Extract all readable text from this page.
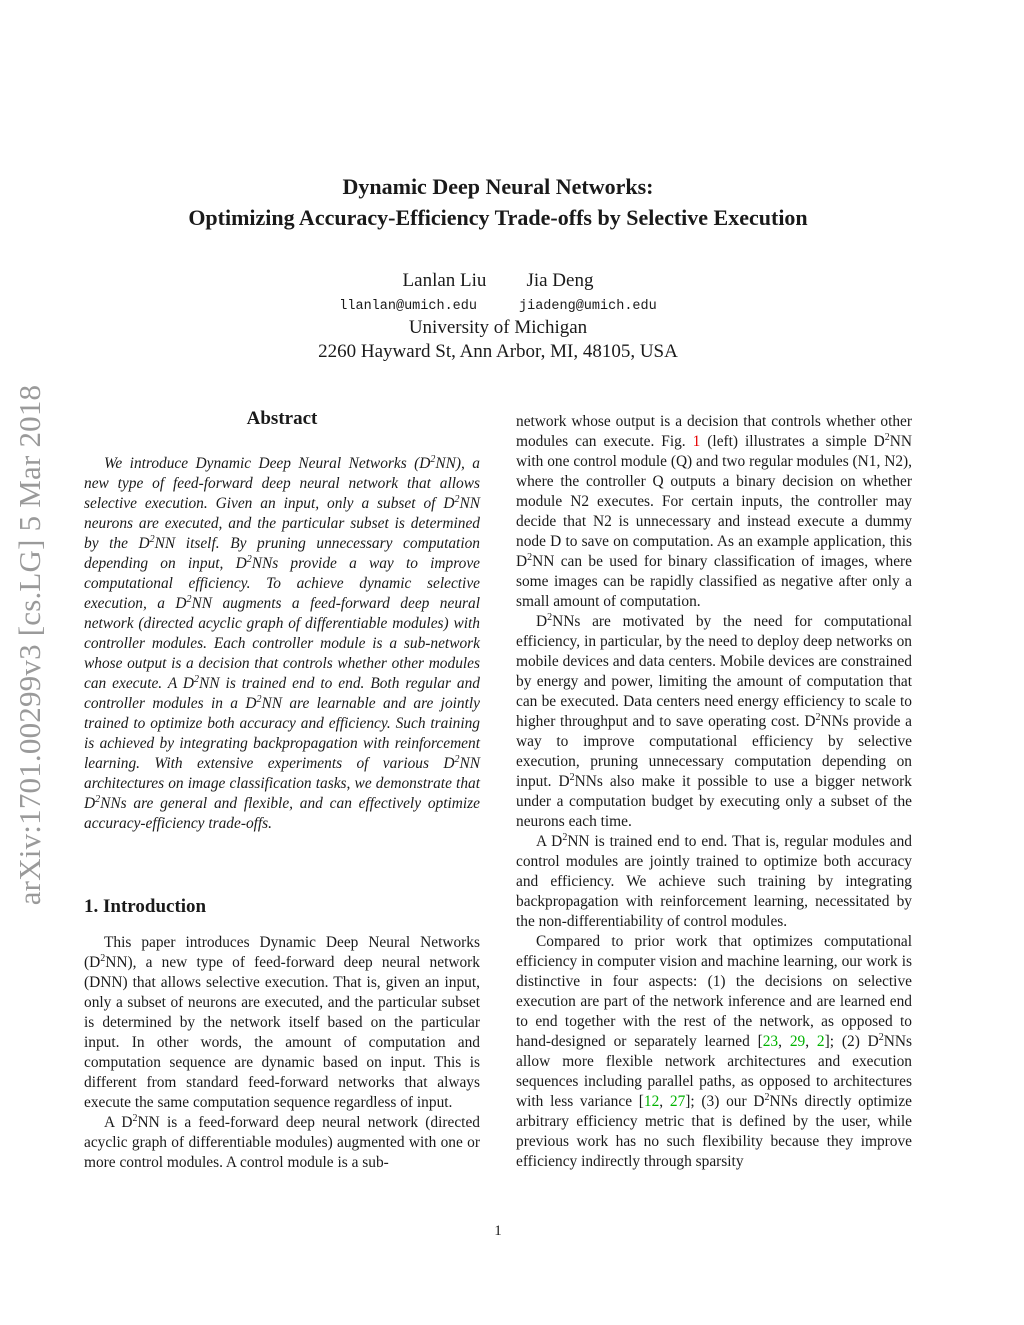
arXiv:1701.00299v3 [cs.LG] 5 Mar 2018
Dynamic Deep Neural Networks:
Optimizing Accuracy-Efficiency Trade-offs by Selective Execution
Lanlan Liu Jia Deng
llanlan@umich.edu	jiadeng@umich.edu
University of Michigan
2260 Hayward St, Ann Arbor, MI, 48105, USA
Abstract

We introduce Dynamic Deep Neural Networks $(D^2NN)$, a new type of feed-forward deep neural network that allows selective execution. Given an input, only a subset of $D^2NN$ neurons are executed, and the particular subset is determined by the $D^2NN$ itself. By pruning unnecessary computation depending on input, $D^2NNs$ provide a way to improve computational efficiency. To achieve dynamic selective execution, a $D^2NN$ augments a feed-forward deep neural network (directed acyclic graph of differentiable modules) with controller modules. Each controller module is a sub-network whose output is a decision that controls whether other modules can execute. A $D^2NN$ is trained end to end. Both regular and controller modules in a $D^2NN$ are learnable and are jointly trained to optimize both accuracy and efficiency. Such training is achieved by integrating backpropagation with reinforcement learning. With extensive experiments of various $D^2NN$ architectures on image classification tasks, we demonstrate that $D^2NNs$ are general and flexible, and can effectively optimize accuracy-efficiency trade-offs.

1. Introduction

This paper introduces Dynamic Deep Neural Networks $(D^2NN)$, a new type of feed-forward deep neural network (DNN) that allows selective execution. That is, given an input, only a subset of neurons are executed, and the particular subset is determined by the network itself based on the particular input. In other words, the amount of computation and computation sequence are dynamic based on input. This is different from standard feed-forward networks that always execute the same computation sequence regardless of input.

A $D^2NN$ is a feed-forward deep neural network (directed acyclic graph of differentiable modules) augmented with one or more control modules. A control module is a sub-

network whose output is a decision that controls whether other modules can execute. Fig. 1 (left) illustrates a simple $D^2NN$ with one control module (Q) and two regular modules (N1, N2), where the controller Q outputs a binary decision on whether module N2 executes. For certain inputs, the controller may decide that N2 is unnecessary and instead execute a dummy node D to save on computation. As an example application, this $D^2NN$ can be used for binary classification of images, where some images can be rapidly classified as negative after only a small amount of computation.

$D^2NNs$ are motivated by the need for computational efficiency, in particular, by the need to deploy deep networks on mobile devices and data centers. Mobile devices are constrained by energy and power, limiting the amount of computation that can be executed. Data centers need energy efficiency to scale to higher throughput and to save operating cost. $D^2NNs$ provide a way to improve computational efficiency by selective execution, pruning unnecessary computation depending on input. $D^2NNs$ also make it possible to use a bigger network under a computation budget by executing only a subset of the neurons each time.

A $D^2NN$ is trained end to end. That is, regular modules and control modules are jointly trained to optimize both accuracy and efficiency. We achieve such training by integrating backpropagation with reinforcement learning, necessitated by the non-differentiability of control modules.

Compared to prior work that optimizes computational efficiency in computer vision and machine learning, our work is distinctive in four aspects: (1) the decisions on selective execution are part of the network inference and are learned end to end together with the rest of the network, as opposed to hand-designed or separately learned [23, 29, 2]; (2) $D^2NNs$ allow more flexible network architectures and execution sequences including parallel paths, as opposed to architectures with less variance [12, 27]; (3) our $D^2NNs$ directly optimize arbitrary efficiency metric that is defined by the user, while previous work has no such flexibility because they improve efficiency indirectly through sparsity

1
